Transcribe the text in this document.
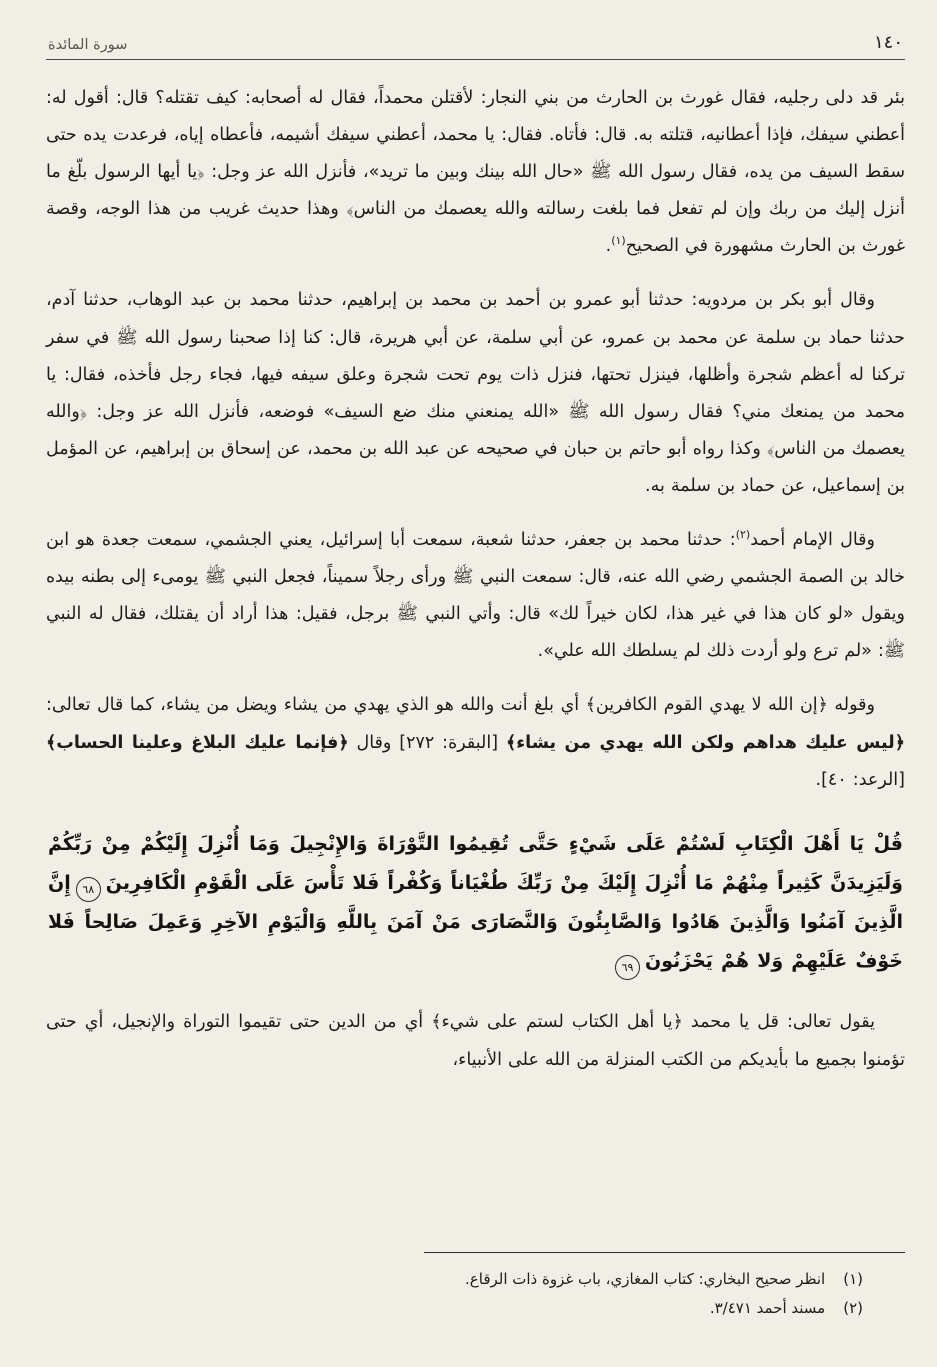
١٤٠
سورة المائدة

بئر قد دلى رجليه، فقال غورث بن الحارث من بني النجار: لأقتلن محمداً، فقال له أصحابه: كيف تقتله؟ قال: أقول له: أعطني سيفك، فإذا أعطانيه، قتلته به. قال: فأتاه. فقال: يا محمد، أعطني سيفك أشيمه، فأعطاه إياه، فرعدت يده حتى سقط السيف من يده، فقال رسول الله ﷺ «حال الله بينك وبين ما تريد»، فأنزل الله عز وجل: ﴿يا أيها الرسول بلّغ ما أنزل إليك من ربك وإن لم تفعل فما بلغت رسالته والله يعصمك من الناس﴾ وهذا حديث غريب من هذا الوجه، وقصة غورث بن الحارث مشهورة في الصحيح$^{(١)}$.

وقال أبو بكر بن مردويه: حدثنا أبو عمرو بن أحمد بن محمد بن إبراهيم، حدثنا محمد بن عبد الوهاب، حدثنا آدم، حدثنا حماد بن سلمة عن محمد بن عمرو، عن أبي سلمة، عن أبي هريرة، قال: كنا إذا صحبنا رسول الله ﷺ في سفر تركنا له أعظم شجرة وأظلها، فينزل تحتها، فنزل ذات يوم تحت شجرة وعلق سيفه فيها، فجاء رجل فأخذه، فقال: يا محمد من يمنعك مني؟ فقال رسول الله ﷺ «الله يمنعني منك ضع السيف» فوضعه، فأنزل الله عز وجل: ﴿والله يعصمك من الناس﴾ وكذا رواه أبو حاتم بن حبان في صحيحه عن عبد الله بن محمد، عن إسحاق بن إبراهيم، عن المؤمل بن إسماعيل، عن حماد بن سلمة به.

وقال الإمام أحمد$^{(٢)}$: حدثنا محمد بن جعفر، حدثنا شعبة، سمعت أبا إسرائيل، يعني الجشمي، سمعت جعدة هو ابن خالد بن الصمة الجشمي رضي الله عنه، قال: سمعت النبي ﷺ ورأى رجلاً سميناً، فجعل النبي ﷺ يومىء إلى بطنه بيده ويقول «لو كان هذا في غير هذا، لكان خيراً لك» قال: وأتي النبي ﷺ برجل، فقيل: هذا أراد أن يقتلك، فقال له النبي ﷺ: «لم ترع ولو أردت ذلك لم يسلطك الله علي».

وقوله ﴿إن الله لا يهدي القوم الكافرين﴾ أي بلغ أنت والله هو الذي يهدي من يشاء ويضل من يشاء، كما قال تعالى: ﴿ليس عليك هداهم ولكن الله يهدي من يشاء﴾ [البقرة: ٢٧٢] وقال ﴿فإنما عليك البلاغ وعلينا الحساب﴾ [الرعد: ٤٠].

قُلْ يَا أَهْلَ الْكِتَابِ لَسْتُمْ عَلَى شَيْءٍ حَتَّى تُقِيمُوا التَّوْرَاةَ وَالإِنْجِيلَ وَمَا أُنْزِلَ إِلَيْكُمْ مِنْ رَبِّكُمْ وَلَيَزِيدَنَّ كَثِيراً مِنْهُمْ مَا أُنْزِلَ إِلَيْكَ مِنْ رَبِّكَ طُغْيَاناً وَكُفْراً فَلا تَأْسَ عَلَى الْقَوْمِ الْكَافِرِينَ٦٨إِنَّ الَّذِينَ آمَنُوا وَالَّذِينَ هَادُوا وَالصَّابِئُونَ وَالنَّصَارَى مَنْ آمَنَ بِاللَّهِ وَالْيَوْمِ الآخِرِ وَعَمِلَ صَالِحاً فَلا خَوْفٌ عَلَيْهِمْ وَلا هُمْ يَحْزَنُونَ٦٩

يقول تعالى: قل يا محمد ﴿يا أهل الكتاب لستم على شيء﴾ أي من الدين حتى تقيموا التوراة والإنجيل، أي حتى تؤمنوا بجميع ما بأيديكم من الكتب المنزلة من الله على الأنبياء،

(١)
انظر صحيح البخاري: كتاب المغازي، باب غزوة ذات الرقاع.
(٢)
مسند أحمد ٣/٤٧١.
